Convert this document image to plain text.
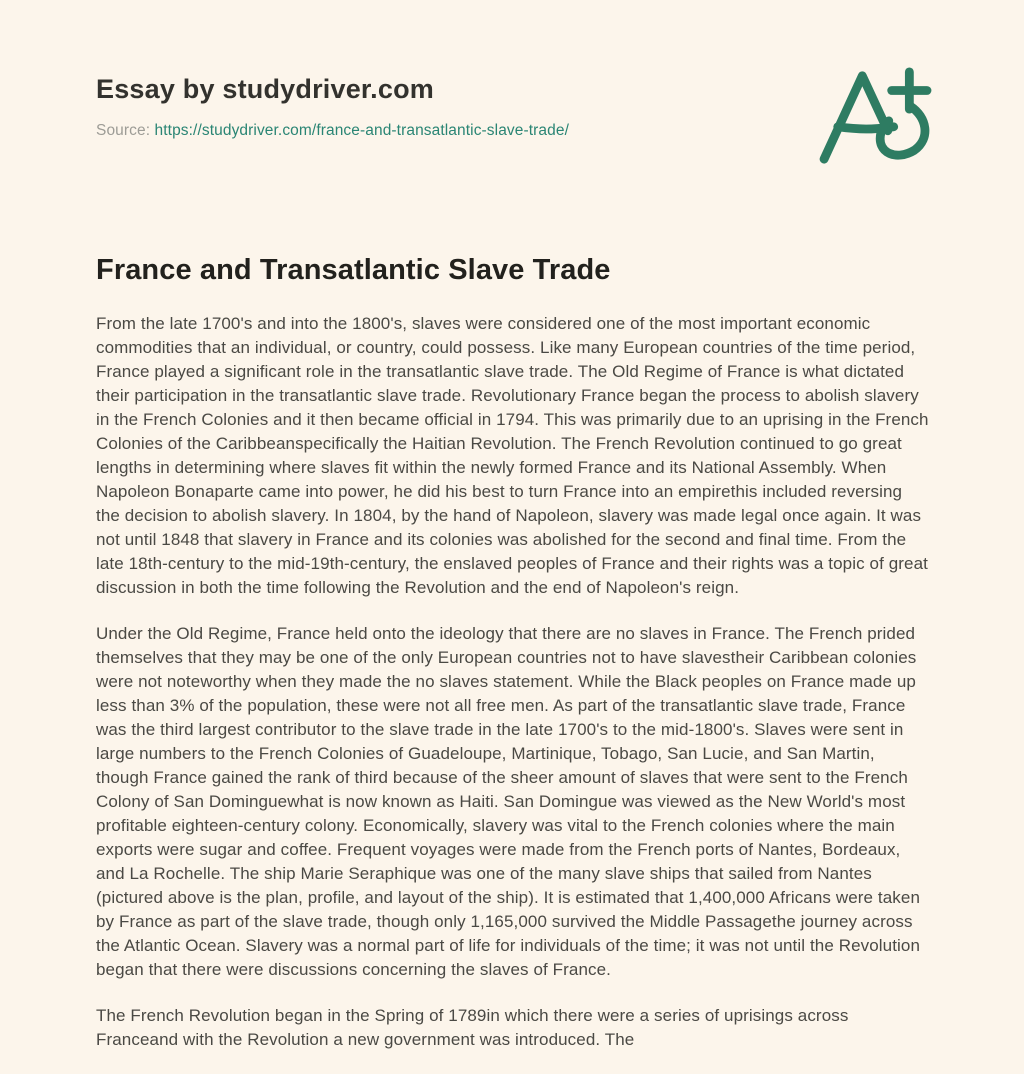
Essay by studydriver.com
Source: https://studydriver.com/france-and-transatlantic-slave-trade/
France and Transatlantic Slave Trade

From the late 1700's and into the 1800's, slaves were considered one of the most important economic commodities that an individual, or country, could possess. Like many European countries of the time period, France played a significant role in the transatlantic slave trade. The Old Regime of France is what dictated their participation in the transatlantic slave trade. Revolutionary France began the process to abolish slavery in the French Colonies and it then became official in 1794. This was primarily due to an uprising in the French Colonies of the Caribbeanspecifically the Haitian Revolution. The French Revolution continued to go great lengths in determining where slaves fit within the newly formed France and its National Assembly. When Napoleon Bonaparte came into power, he did his best to turn France into an empirethis included reversing the decision to abolish slavery. In 1804, by the hand of Napoleon, slavery was made legal once again. It was not until 1848 that slavery in France and its colonies was abolished for the second and final time. From the late 18th-century to the mid-19th-century, the enslaved peoples of France and their rights was a topic of great discussion in both the time following the Revolution and the end of Napoleon's reign.

Under the Old Regime, France held onto the ideology that there are no slaves in France. The French prided themselves that they may be one of the only European countries not to have slavestheir Caribbean colonies were not noteworthy when they made the no slaves statement. While the Black peoples on France made up less than 3% of the population, these were not all free men. As part of the transatlantic slave trade, France was the third largest contributor to the slave trade in the late 1700's to the mid-1800's. Slaves were sent in large numbers to the French Colonies of Guadeloupe, Martinique, Tobago, San Lucie, and San Martin, though France gained the rank of third because of the sheer amount of slaves that were sent to the French Colony of San Dominguewhat is now known as Haiti. San Domingue was viewed as the New World's most profitable eighteen-century colony. Economically, slavery was vital to the French colonies where the main exports were sugar and coffee. Frequent voyages were made from the French ports of Nantes, Bordeaux, and La Rochelle. The ship Marie Seraphique was one of the many slave ships that sailed from Nantes (pictured above is the plan, profile, and layout of the ship). It is estimated that 1,400,000 Africans were taken by France as part of the slave trade, though only 1,165,000 survived the Middle Passagethe journey across the Atlantic Ocean. Slavery was a normal part of life for individuals of the time; it was not until the Revolution began that there were discussions concerning the slaves of France.

The French Revolution began in the Spring of 1789in which there were a series of uprisings across Franceand with the Revolution a new government was introduced. The
